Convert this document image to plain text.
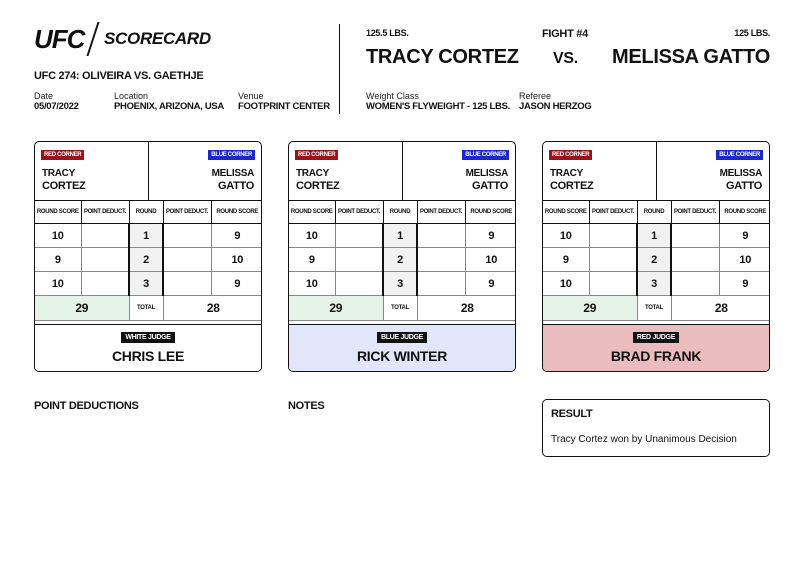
UFC SCORECARD
UFC 274: OLIVEIRA VS. GAETHJE
Date
05/07/2022
Location
PHOENIX, ARIZONA, USA
Venue
FOOTPRINT CENTER
125.5 LBS.	FIGHT #4	125 LBS.
TRACY CORTEZ VS. MELISSA GATTO
Weight Class
WOMEN'S FLYWEIGHT - 125 LBS.
Referee
JASON HERZOG
RED CORNER
TRACY
CORTEZ
BLUE CORNER
MELISSA
GATTO
ROUND SCORE	POINT DEDUCT.	ROUND	POINT DEDUCT.	ROUND SCORE
10		1		9
9		2		10
10		3		9
29		TOTAL	28	
WHITE JUDGE
CHRIS LEE
RED CORNER
TRACY
CORTEZ
BLUE CORNER
MELISSA
GATTO
ROUND SCORE	POINT DEDUCT.	ROUND	POINT DEDUCT.	ROUND SCORE
10		1		9
9		2		10
10		3		9
29		TOTAL	28	
BLUE JUDGE
RICK WINTER
RED CORNER
TRACY
CORTEZ
BLUE CORNER
MELISSA
GATTO
ROUND SCORE	POINT DEDUCT.	ROUND	POINT DEDUCT.	ROUND SCORE
10		1		9
9		2		10
10		3		9
29		TOTAL	28	
RED JUDGE
BRAD FRANK
POINT DEDUCTIONS	NOTES
RESULT
Tracy Cortez won by Unanimous Decision
